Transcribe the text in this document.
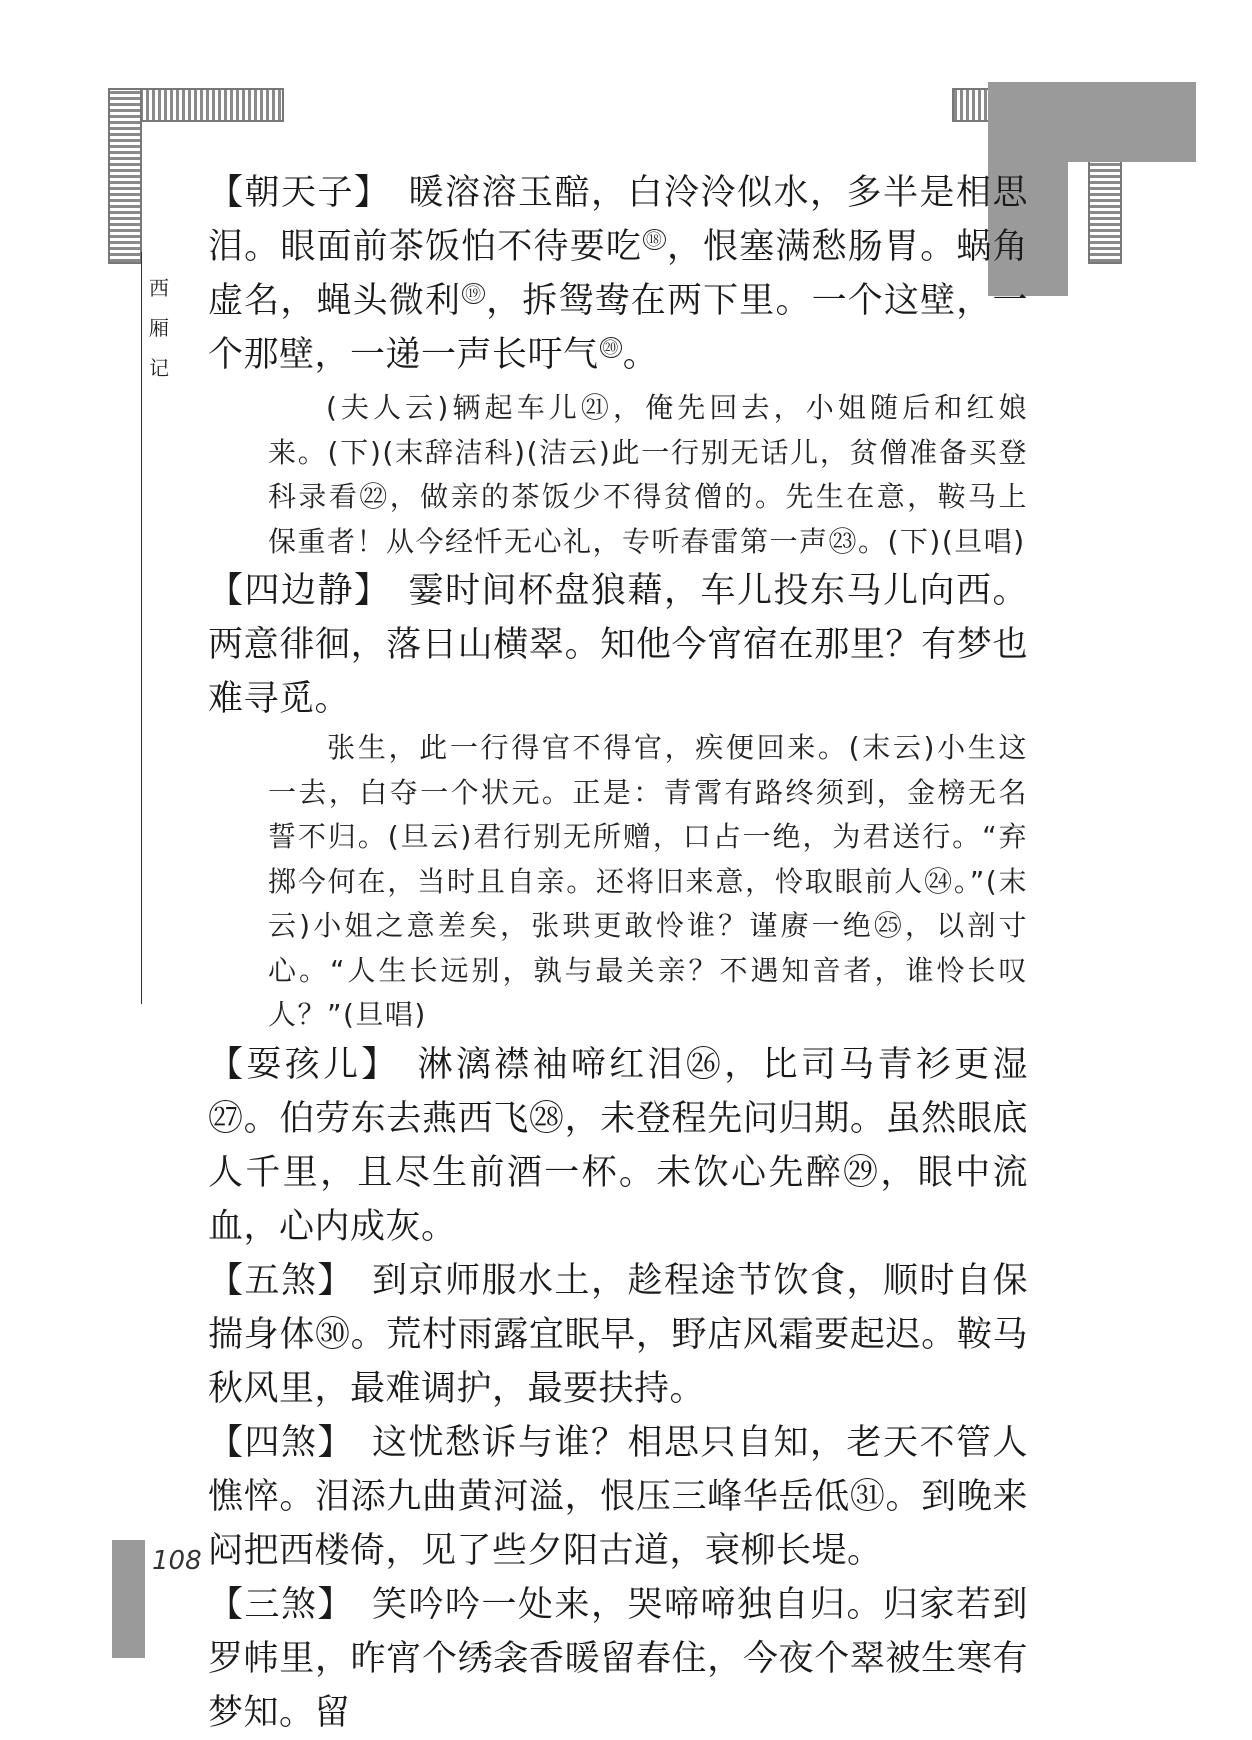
西
厢
记

【朝天子】 暖溶溶玉醅，白泠泠似水，多半是相思泪。眼面前茶饭怕不待要吃 ⑱ ，恨塞满愁肠胃。蜗角虚名，蝇头微利 ⑲ ，拆鸳鸯在两下里。一个这壁，一个那壁，一递一声长吁气 ⑳ 。

(夫人云)辆起车儿㉑，俺先回去，小姐随后和红娘来。(下)(末辞洁科)(洁云)此一行别无话儿，贫僧准备买登科录看㉒，做亲的茶饭少不得贫僧的。先生在意，鞍马上保重者！从今经忏无心礼，专听春雷第一声㉓。(下)(旦唱)

【四边静】 霎时间杯盘狼藉，车儿投东马儿向西。两意徘徊，落日山横翠。知他今宵宿在那里？有梦也难寻觅。

张生，此一行得官不得官，疾便回来。(末云)小生这一去，白夺一个状元。正是：青霄有路终须到，金榜无名誓不归。(旦云)君行别无所赠，口占一绝，为君送行。“弃掷今何在，当时且自亲。还将旧来意，怜取眼前人㉔。”(末云)小姐之意差矣，张珙更敢怜谁？谨赓一绝㉕，以剖寸心。“人生长远别，孰与最关亲？不遇知音者，谁怜长叹人？”(旦唱)

【耍孩儿】 淋漓襟袖啼红泪㉖，比司马青衫更湿㉗。伯劳东去燕西飞㉘，未登程先问归期。虽然眼底人千里，且尽生前酒一杯。未饮心先醉㉙，眼中流血，心内成灰。

【五煞】 到京师服水土，趁程途节饮食，顺时自保揣身体㉚。荒村雨露宜眠早，野店风霜要起迟。鞍马秋风里，最难调护，最要扶持。

【四煞】 这忧愁诉与谁？相思只自知，老天不管人憔悴。泪添九曲黄河溢，恨压三峰华岳低㉛。到晚来闷把西楼倚，见了些夕阳古道，衰柳长堤。

【三煞】 笑吟吟一处来，哭啼啼独自归。归家若到罗帏里，昨宵个绣衾香暖留春住，今夜个翠被生寒有梦知。留

108
